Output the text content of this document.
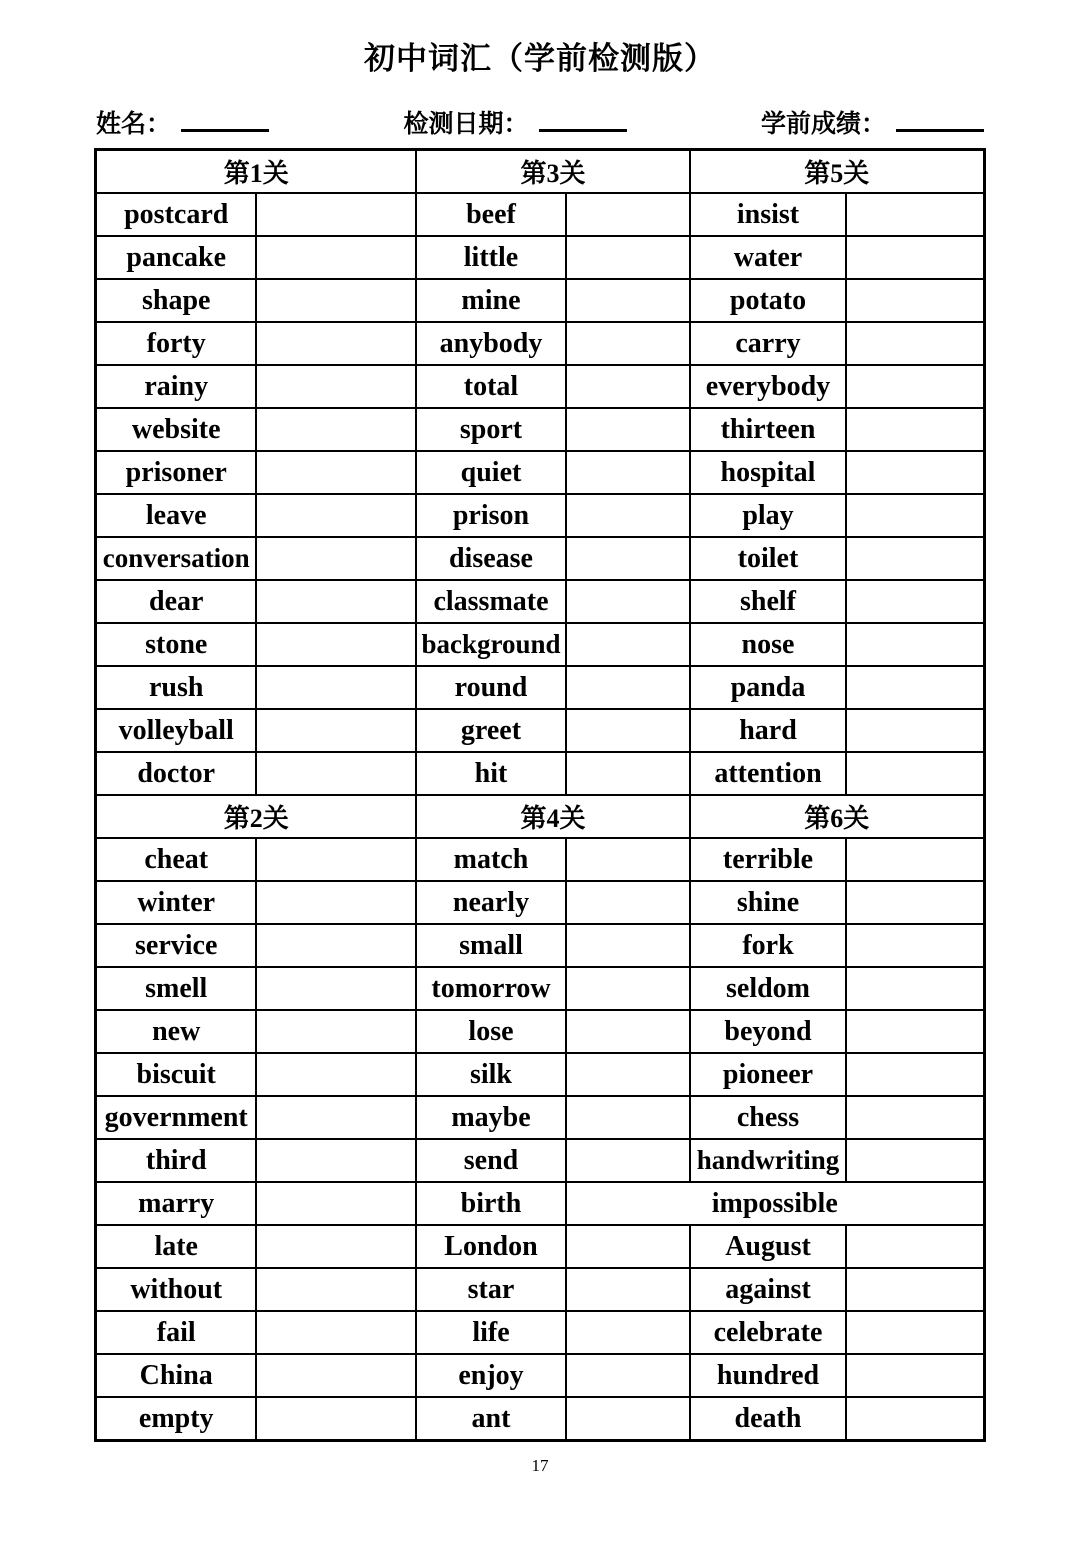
初中词汇（学前检测版）
姓名：	检测日期：	学前成绩：
第1关		第3关		第5关	
postcard		beef		insist	
pancake		little		water	
shape		mine		potato	
forty		anybody		carry	
rainy		total		everybody	
website		sport		thirteen	
prisoner		quiet		hospital	
leave		prison		play	
conversation		disease		toilet	
dear		classmate		shelf	
stone		background		nose	
rush		round		panda	
volleyball		greet		hard	
doctor		hit		attention	
第2关		第4关		第6关	
cheat		match		terrible	
winter		nearly		shine	
service		small		fork	
smell		tomorrow		seldom	
new		lose		beyond	
biscuit		silk		pioneer	
government		maybe		chess	
third		send		handwriting	
marry		birth	impossible		
late		London		August	
without		star		against	
fail		life		celebrate	
China		enjoy		hundred	
empty		ant		death	
17
